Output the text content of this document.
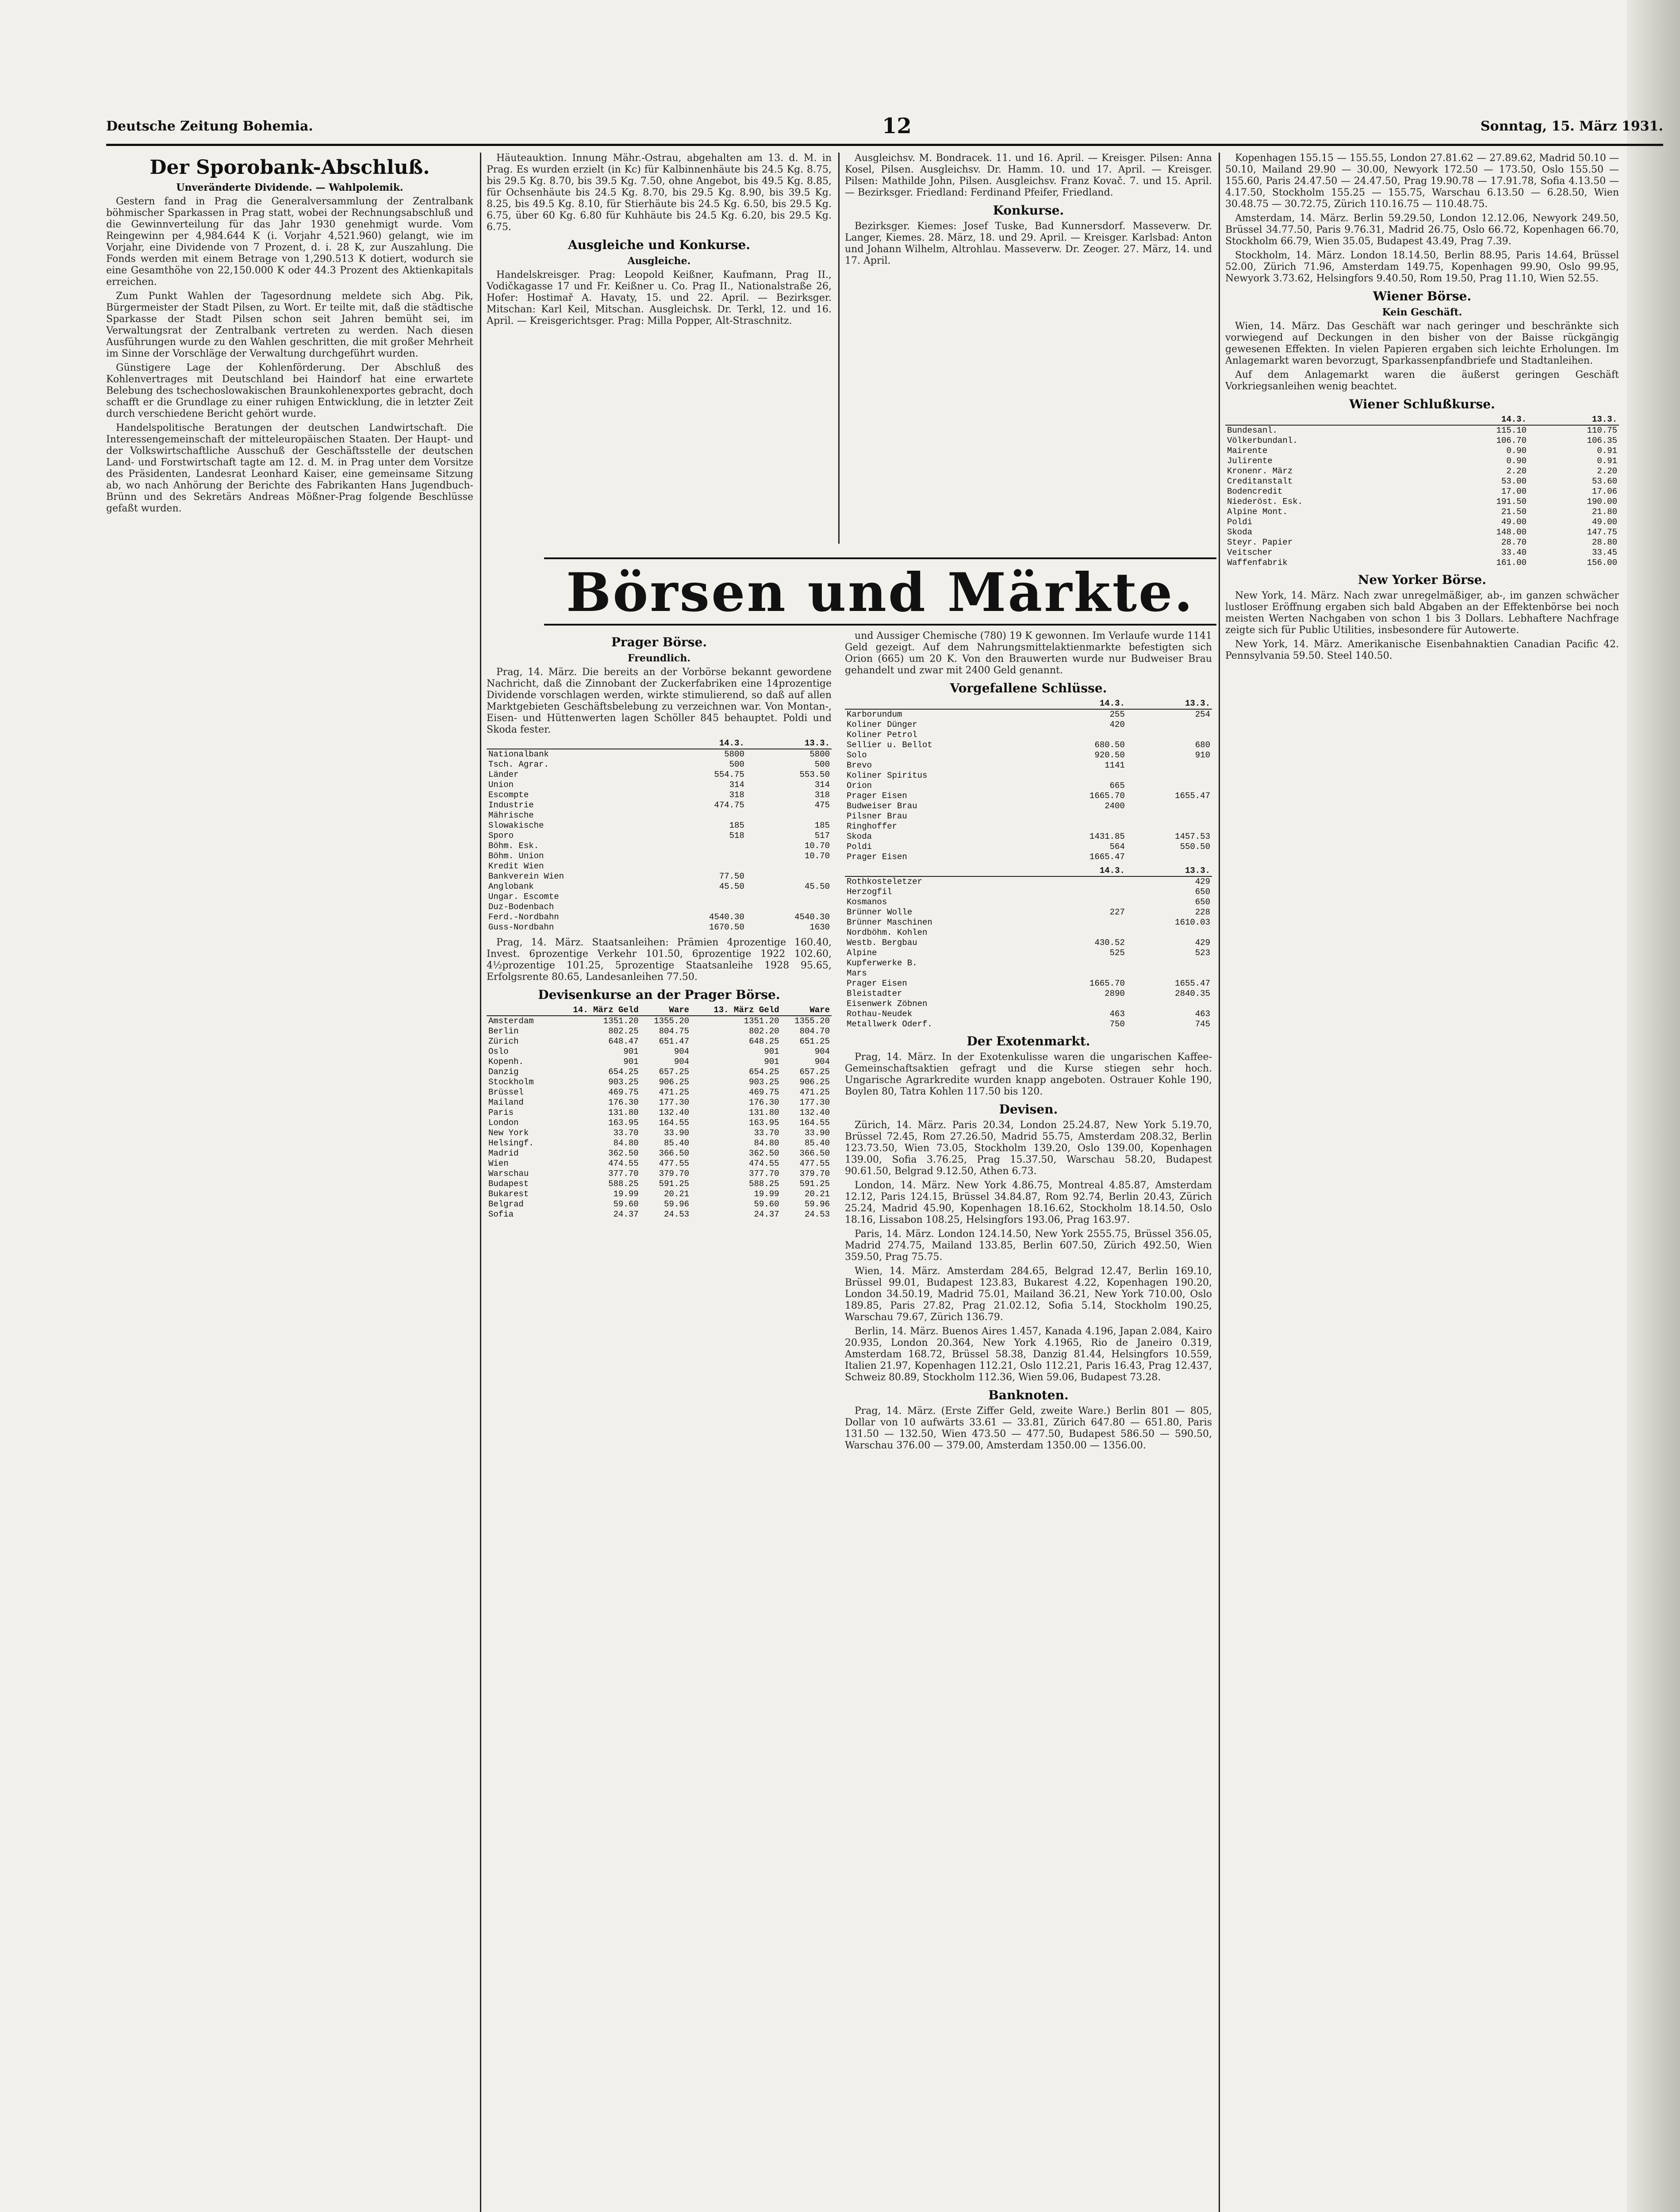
Deutsche Zeitung Bohemia.	12	Sonntag, 15. März 1931.
Der Sporobank-Abschluß.
Unveränderte Dividende. — Wahlpolemik.

Gestern fand in Prag die Generalversammlung der Zentralbank böhmischer Sparkassen in Prag statt, wobei der Rechnungsabschluß und die Gewinnverteilung für das Jahr 1930 genehmigt wurde. Vom Reingewinn per 4,984.644 K (i. Vorjahr 4,521.960) gelangt, wie im Vorjahr, eine Dividende von 7 Prozent, d. i. 28 K, zur Auszahlung. Die Fonds werden mit einem Betrage von 1,290.513 K dotiert, wodurch sie eine Gesamthöhe von 22,150.000 K oder 44.3 Prozent des Aktienkapitals erreichen.

Zum Punkt Wahlen der Tagesordnung meldete sich Abg. Pik, Bürgermeister der Stadt Pilsen, zu Wort. Er teilte mit, daß die städtische Sparkasse der Stadt Pilsen schon seit Jahren bemüht sei, im Verwaltungsrat der Zentralbank vertreten zu werden. Nach diesen Ausführungen wurde zu den Wahlen geschritten, die mit großer Mehrheit im Sinne der Vorschläge der Verwaltung durchgeführt wurden.

Günstigere Lage der Kohlenförderung. Der Abschluß des Kohlenvertrages mit Deutschland bei Haindorf hat eine erwartete Belebung des tschechoslowakischen Braunkohlenexportes gebracht, doch schafft er die Grundlage zu einer ruhigen Entwicklung, die in letzter Zeit durch verschiedene Bericht gehört wurde.

Handelspolitische Beratungen der deutschen Landwirtschaft. Die Interessengemeinschaft der mitteleuropäischen Staaten. Der Haupt- und der Volkswirtschaftliche Ausschuß der Geschäftsstelle der deutschen Land- und Forstwirtschaft tagte am 12. d. M. in Prag unter dem Vorsitze des Präsidenten, Landesrat Leonhard Kaiser, eine gemeinsame Sitzung ab, wo nach Anhörung der Berichte des Fabrikanten Hans Jugendbuch-Brünn und des Sekretärs Andreas Mößner-Prag folgende Beschlüsse gefaßt wurden.

Häuteauktion. Innung Mähr.-Ostrau, abgehalten am 13. d. M. in Prag. Es wurden erzielt (in Kc) für Kalbinnenhäute bis 24.5 Kg. 8.75, bis 29.5 Kg. 8.70, bis 39.5 Kg. 7.50, ohne Angebot, bis 49.5 Kg. 8.85, für Ochsenhäute bis 24.5 Kg. 8.70, bis 29.5 Kg. 8.90, bis 39.5 Kg. 8.25, bis 49.5 Kg. 8.10, für Stierhäute bis 24.5 Kg. 6.50, bis 29.5 Kg. 6.75, über 60 Kg. 6.80 für Kuhhäute bis 24.5 Kg. 6.20, bis 29.5 Kg. 6.75.

Ausgleiche und Konkurse.
Ausgleiche.

Handelskreisger. Prag: Leopold Keißner, Kaufmann, Prag II., Vodičkagasse 17 und Fr. Keißner u. Co. Prag II., Nationalstraße 26, Hofer: Hostimař A. Havaty, 15. und 22. April. — Bezirksger. Mitschan: Karl Keil, Mitschan. Ausgleichsk. Dr. Terkl, 12. und 16. April. — Kreisgerichtsger. Prag: Milla Popper, Alt-Straschnitz.

Ausgleichsv. M. Bondracek. 11. und 16. April. — Kreisger. Pilsen: Anna Kosel, Pilsen. Ausgleichsv. Dr. Hamm. 10. und 17. April. — Kreisger. Pilsen: Mathilde John, Pilsen. Ausgleichsv. Franz Kovač. 7. und 15. April. — Bezirksger. Friedland: Ferdinand Pfeifer, Friedland.

Konkurse.

Bezirksger. Kiemes: Josef Tuske, Bad Kunnersdorf. Masseverw. Dr. Langer, Kiemes. 28. März, 18. und 29. April. — Kreisger. Karlsbad: Anton und Johann Wilhelm, Altrohlau. Masseverw. Dr. Zeoger. 27. März, 14. und 17. April.

Börsen und Märkte.
Prager Börse.
Freundlich.

Prag, 14. März. Die bereits an der Vorbörse bekannt gewordene Nachricht, daß die Zinnobant der Zuckerfabriken eine 14prozentige Dividende vorschlagen werden, wirkte stimulierend, so daß auf allen Marktgebieten Geschäftsbelebung zu verzeichnen war. Von Montan-, Eisen- und Hüttenwerten lagen Schöller 845 behauptet. Poldi und Skoda fester.

	14.3.	13.3.
Nationalbank	5800	5800
Tsch. Agrar.	500	500
Länder	554.75	553.50
Union	314	314
Escompte	318	318
Industrie	474.75	475
Mährische		
Slowakische	185	185
Sporo	518	517
Böhm. Esk.		10.70
Böhm. Union		10.70
Kredit Wien		
Bankverein Wien	77.50	
Anglobank	45.50	45.50
Ungar. Escomte		
Duz-Bodenbach		
Ferd.-Nordbahn	4540.30	4540.30
Guss-Nordbahn	1670.50	1630

Prag, 14. März. Staatsanleihen: Prämien 4prozentige 160.40, Invest. 6prozentige Verkehr 101.50, 6prozentige 1922 102.60, 4½prozentige 101.25, 5prozentige Staatsanleihe 1928 95.65, Erfolgsrente 80.65, Landesanleihen 77.50.

Devisenkurse an der Prager Börse.
	14. März Geld	Ware	13. März Geld	Ware
Amsterdam	1351.20	1355.20	1351.20	1355.20
Berlin	802.25	804.75	802.20	804.70
Zürich	648.47	651.47	648.25	651.25
Oslo	901	904	901	904
Kopenh.	901	904	901	904
Danzig	654.25	657.25	654.25	657.25
Stockholm	903.25	906.25	903.25	906.25
Brüssel	469.75	471.25	469.75	471.25
Mailand	176.30	177.30	176.30	177.30
Paris	131.80	132.40	131.80	132.40
London	163.95	164.55	163.95	164.55
New York	33.70	33.90	33.70	33.90
Helsingf.	84.80	85.40	84.80	85.40
Madrid	362.50	366.50	362.50	366.50
Wien	474.55	477.55	474.55	477.55
Warschau	377.70	379.70	377.70	379.70
Budapest	588.25	591.25	588.25	591.25
Bukarest	19.99	20.21	19.99	20.21
Belgrad	59.60	59.96	59.60	59.96
Sofia	24.37	24.53	24.37	24.53

und Aussiger Chemische (780) 19 K gewonnen. Im Verlaufe wurde 1141 Geld gezeigt. Auf dem Nahrungsmittelaktienmarkte befestigten sich Orion (665) um 20 K. Von den Brauwerten wurde nur Budweiser Brau gehandelt und zwar mit 2400 Geld genannt.

Vorgefallene Schlüsse.
	14.3.	13.3.
Karborundum	255	254
Koliner Dünger	420	
Koliner Petrol		
Sellier u. Bellot	680.50	680
Solo	920.50	910
Brevo	1141	
Koliner Spiritus		
Orion	665	
Prager Eisen	1665.70	1655.47
Budweiser Brau	2400	
Pilsner Brau		
Ringhoffer		
Skoda	1431.85	1457.53
Poldi	564	550.50
Prager Eisen	1665.47	
	14.3.	13.3.
Rothkosteletzer		429
Herzogfil		650
Kosmanos		650
Brünner Wolle	227	228
Brünner Maschinen		1610.03
Nordböhm. Kohlen		
Westb. Bergbau	430.52	429
Alpine	525	523
Kupferwerke B.		
Mars		
Prager Eisen	1665.70	1655.47
Bleistadter	2890	2840.35
Eisenwerk Zöbnen		
Rothau-Neudek	463	463
Metallwerk Oderf.	750	745
Der Exotenmarkt.

Prag, 14. März. In der Exotenkulisse waren die ungarischen Kaffee-Gemeinschaftsaktien gefragt und die Kurse stiegen sehr hoch. Ungarische Agrarkredite wurden knapp angeboten. Ostrauer Kohle 190, Boylen 80, Tatra Kohlen 117.50 bis 120.

Devisen.

Zürich, 14. März. Paris 20.34, London 25.24.87, New York 5.19.70, Brüssel 72.45, Rom 27.26.50, Madrid 55.75, Amsterdam 208.32, Berlin 123.73.50, Wien 73.05, Stockholm 139.20, Oslo 139.00, Kopenhagen 139.00, Sofia 3.76.25, Prag 15.37.50, Warschau 58.20, Budapest 90.61.50, Belgrad 9.12.50, Athen 6.73.

London, 14. März. New York 4.86.75, Montreal 4.85.87, Amsterdam 12.12, Paris 124.15, Brüssel 34.84.87, Rom 92.74, Berlin 20.43, Zürich 25.24, Madrid 45.90, Kopenhagen 18.16.62, Stockholm 18.14.50, Oslo 18.16, Lissabon 108.25, Helsingfors 193.06, Prag 163.97.

Paris, 14. März. London 124.14.50, New York 2555.75, Brüssel 356.05, Madrid 274.75, Mailand 133.85, Berlin 607.50, Zürich 492.50, Wien 359.50, Prag 75.75.

Wien, 14. März. Amsterdam 284.65, Belgrad 12.47, Berlin 169.10, Brüssel 99.01, Budapest 123.83, Bukarest 4.22, Kopenhagen 190.20, London 34.50.19, Madrid 75.01, Mailand 36.21, New York 710.00, Oslo 189.85, Paris 27.82, Prag 21.02.12, Sofia 5.14, Stockholm 190.25, Warschau 79.67, Zürich 136.79.

Berlin, 14. März. Buenos Aires 1.457, Kanada 4.196, Japan 2.084, Kairo 20.935, London 20.364, New York 4.1965, Rio de Janeiro 0.319, Amsterdam 168.72, Brüssel 58.38, Danzig 81.44, Helsingfors 10.559, Italien 21.97, Kopenhagen 112.21, Oslo 112.21, Paris 16.43, Prag 12.437, Schweiz 80.89, Stockholm 112.36, Wien 59.06, Budapest 73.28.

Banknoten.

Prag, 14. März. (Erste Ziffer Geld, zweite Ware.) Berlin 801 — 805, Dollar von 10 aufwärts 33.61 — 33.81, Zürich 647.80 — 651.80, Paris 131.50 — 132.50, Wien 473.50 — 477.50, Budapest 586.50 — 590.50, Warschau 376.00 — 379.00, Amsterdam 1350.00 — 1356.00.

Kopenhagen 155.15 — 155.55, London 27.81.62 — 27.89.62, Madrid 50.10 — 50.10, Mailand 29.90 — 30.00, Newyork 172.50 — 173.50, Oslo 155.50 — 155.60, Paris 24.47.50 — 24.47.50, Prag 19.90.78 — 17.91.78, Sofia 4.13.50 — 4.17.50, Stockholm 155.25 — 155.75, Warschau 6.13.50 — 6.28.50, Wien 30.48.75 — 30.72.75, Zürich 110.16.75 — 110.48.75.

Amsterdam, 14. März. Berlin 59.29.50, London 12.12.06, Newyork 249.50, Brüssel 34.77.50, Paris 9.76.31, Madrid 26.75, Oslo 66.72, Kopenhagen 66.70, Stockholm 66.79, Wien 35.05, Budapest 43.49, Prag 7.39.

Stockholm, 14. März. London 18.14.50, Berlin 88.95, Paris 14.64, Brüssel 52.00, Zürich 71.96, Amsterdam 149.75, Kopenhagen 99.90, Oslo 99.95, Newyork 3.73.62, Helsingfors 9.40.50, Rom 19.50, Prag 11.10, Wien 52.55.

Wiener Börse.
Kein Geschäft.

Wien, 14. März. Das Geschäft war nach geringer und beschränkte sich vorwiegend auf Deckungen in den bisher von der Baisse rückgängig gewesenen Effekten. In vielen Papieren ergaben sich leichte Erholungen. Im Anlagemarkt waren bevorzugt, Sparkassenpfandbriefe und Stadtanleihen.

Auf dem Anlagemarkt waren die äußerst geringen Geschäft Vorkriegsanleihen wenig beachtet.

Wiener Schlußkurse.
	14.3.	13.3.
Bundesanl.	115.10	110.75
Völkerbundanl.	106.70	106.35
Mairente	0.90	0.91
Julirente	0.90	0.91
Kronenr. März	2.20	2.20
Creditanstalt	53.00	53.60
Bodencredit	17.00	17.06
Niederöst. Esk.	191.50	190.00
Alpine Mont.	21.50	21.80
Poldi	49.00	49.00
Skoda	148.00	147.75
Steyr. Papier	28.70	28.80
Veitscher	33.40	33.45
Waffenfabrik	161.00	156.00
New Yorker Börse.

New York, 14. März. Nach zwar unregelmäßiger, ab-, im ganzen schwächer lustloser Eröffnung ergaben sich bald Abgaben an der Effektenbörse bei noch meisten Werten Nachgaben von schon 1 bis 3 Dollars. Lebhaftere Nachfrage zeigte sich für Public Utilities, insbesondere für Autowerte.

New York, 14. März. Amerikanische Eisenbahnaktien Canadian Pacific 42. Pennsylvania 59.50. Steel 140.50.
